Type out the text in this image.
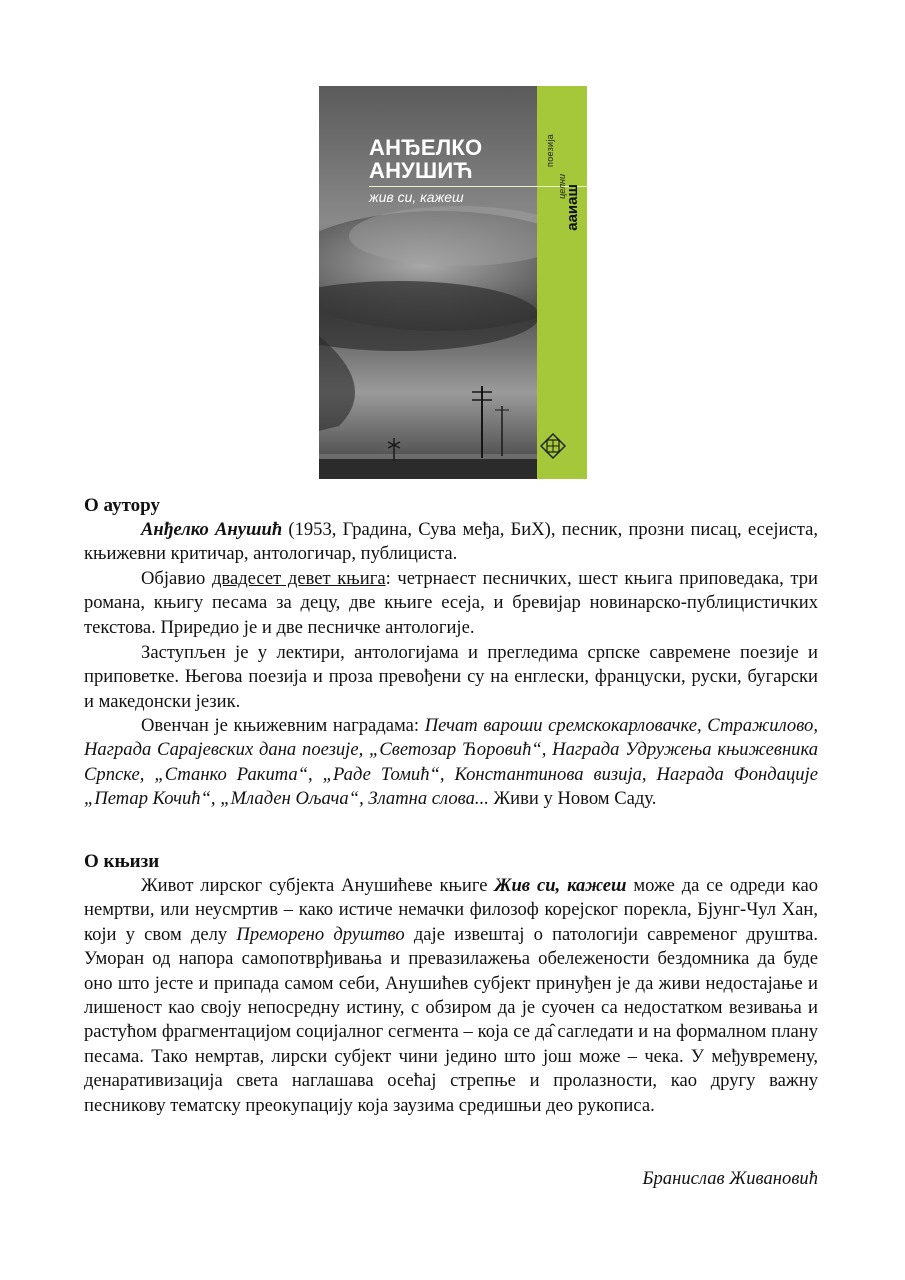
АНЂЕЛКО
АНУШИЋ
жив си, кажеш
поезија
целни
ааиаш
О аутору

Анђелко Анушић (1953, Градина, Сува међа, БиХ), песник, прозни писац, есејиста, књижевни критичар, антологичар, публициста.

Објавио двадесет девет књига: четрнаест песничких, шест књига приповедака, три романа, књигу песама за децу, две књиге есеја, и бревијар новинарско-публицистичких текстова. Приредио је и две песничке антологије.

Заступљен је у лектири, антологијама и прегледима српске савремене поезије и приповетке. Његова поезија и проза превођени су на енглески, француски, руски, бугарски и македонски језик.

Овенчан је књижевним наградама: Печат вароши сремскокарловачке, Стражилово, Награда Сарајевских дана поезије, „Светозар Ћоровић“, Награда Удружења књижевника Српске, „Станко Ракита“, „Раде Томић“, Константинова визија, Награда Фондације „Петар Кочић“, „Младен Ољача“, Златна слова... Живи у Новом Саду.

О књизи

Живот лирског субјекта Анушићеве књиге Жив си, кажеш може да се одреди као немртви, или неусмртив – како истиче немачки филозоф корејског порекла, Бјунг-Чул Хан, који у свом делу Преморено друштво даје извештај о патологији савременог друштва. Уморан од напора самопотврђивања и превазилажења обележености бездомника да буде оно што јесте и припада самом себи, Анушићев субјект принуђен је да живи недостајање и лишеност као своју непосредну истину, с обзиром да је суочен са недостатком везивања и растућом фрагментацијом социјалног сегмента – која се да̂ сагледати и на формалном плану песама. Тако немртав, лирски субјект чини једино што још може – чека. У међувремену, денаративизација света наглашава осећај стрепње и пролазности, као другу важну песникову тематску преокупацију која заузима средишњи део рукописа.

Бранислав Живановић
